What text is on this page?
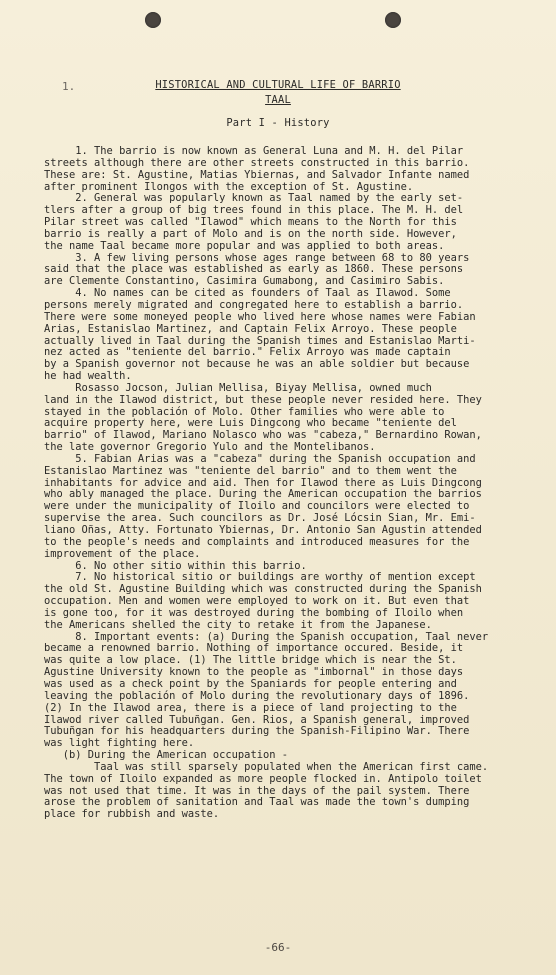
1.	HISTORICAL AND CULTURAL LIFE OF BARRIO
TAAL
Part I - History
1. The barrio is now known as General Luna and M. H. del Pilar
streets although there are other streets constructed in this barrio.
These are: St. Agustine, Matias Ybiernas, and Salvador Infante named
after prominent Ilongos with the exception of St. Agustine.
2. General was popularly known as Taal named by the early set-
tlers after a group of big trees found in this place. The M. H. del
Pilar street was called "Ilawod" which means to the North for this
barrio is really a part of Molo and is on the north side. However,
the name Taal became more popular and was applied to both areas.
3. A few living persons whose ages range between 68 to 80 years
said that the place was established as early as 1860. These persons
are Clemente Constantino, Casimira Gumabong, and Casimiro Sabis.
4. No names can be cited as founders of Taal as Ilawod. Some
persons merely migrated and congregated here to establish a barrio.
There were some moneyed people who lived here whose names were Fabian
Arias, Estanislao Martinez, and Captain Felix Arroyo. These people
actually lived in Taal during the Spanish times and Estanislao Marti-
nez acted as "teniente del barrio." Felix Arroyo was made captain
by a Spanish governor not because he was an able soldier but because
he had wealth.
Rosasso Jocson, Julian Mellisa, Biyay Mellisa, owned much
land in the Ilawod district, but these people never resided here. They
stayed in the población of Molo. Other families who were able to
acquire property here, were Luis Dingcong who became "teniente del
barrio" of Ilawod, Mariano Nolasco who was "cabeza," Bernardino Rowan,
the late governor Gregorio Yulo and the Montelibanos.
5. Fabian Arias was a "cabeza" during the Spanish occupation and
Estanislao Martinez was "teniente del barrio" and to them went the
inhabitants for advice and aid. Then for Ilawod there as Luis Dingcong
who ably managed the place. During the American occupation the barrios
were under the municipality of Iloilo and councilors were elected to
supervise the area. Such councilors as Dr. José Lócsin Sian, Mr. Emi-
liano Oñas, Atty. Fortunato Ybiernas, Dr. Antonio San Agustin attended
to the people's needs and complaints and introduced measures for the
improvement of the place.
6. No other sitio within this barrio.
7. No historical sitio or buildings are worthy of mention except
the old St. Agustine Building which was constructed during the Spanish
occupation. Men and women were employed to work on it. But even that
is gone too, for it was destroyed during the bombing of Iloilo when
the Americans shelled the city to retake it from the Japanese.
8. Important events: (a) During the Spanish occupation, Taal never
became a renowned barrio. Nothing of importance occured. Beside, it
was quite a low place. (1) The little bridge which is near the St.
Agustine University known to the people as "imbornal" in those days
was used as a check point by the Spaniards for people entering and
leaving the población of Molo during the revolutionary days of 1896.
(2) In the Ilawod area, there is a piece of land projecting to the
Ilawod river called Tubuñgan. Gen. Rios, a Spanish general, improved
Tubuñgan for his headquarters during the Spanish-Filipino War. There
was light fighting here.
(b) During the American occupation -
Taal was still sparsely populated when the American first came.
The town of Iloilo expanded as more people flocked in. Antipolo toilet
was not used that time. It was in the days of the pail system. There
arose the problem of sanitation and Taal was made the town's dumping
place for rubbish and waste.
-66-
